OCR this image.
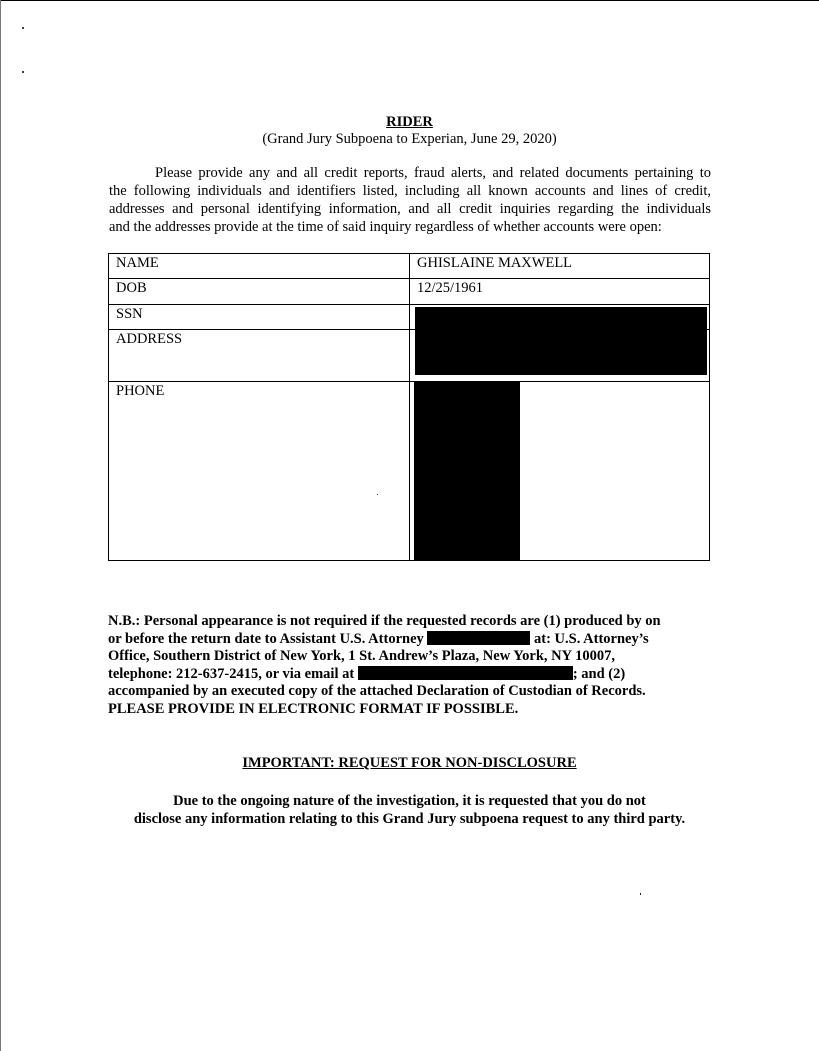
RIDER
(Grand Jury Subpoena to Experian, June 29, 2020)
Please provide any and all credit reports, fraud alerts, and related documents pertaining to
the following individuals and identifiers listed, including all known accounts and lines of credit,
addresses and personal identifying information, and all credit inquiries regarding the individuals
and the addresses provide at the time of said inquiry regardless of whether accounts were open:
NAME	GHISLAINE MAXWELL
DOB	12/25/1961
SSN	

ADDRESS	

PHONE	
N.B.: Personal appearance is not required if the requested records are (1) produced by on
or before the return date to Assistant U.S. Attorney	at: U.S. Attorney’s
Office, Southern District of New York, 1 St. Andrew’s Plaza, New York, NY 10007,
telephone: 212-637-2415, or via email at	; and (2)
accompanied by an executed copy of the attached Declaration of Custodian of Records.
PLEASE PROVIDE IN ELECTRONIC FORMAT IF POSSIBLE.
IMPORTANT: REQUEST FOR NON-DISCLOSURE
Due to the ongoing nature of the investigation, it is requested that you do not
disclose any information relating to this Grand Jury subpoena request to any third party.
